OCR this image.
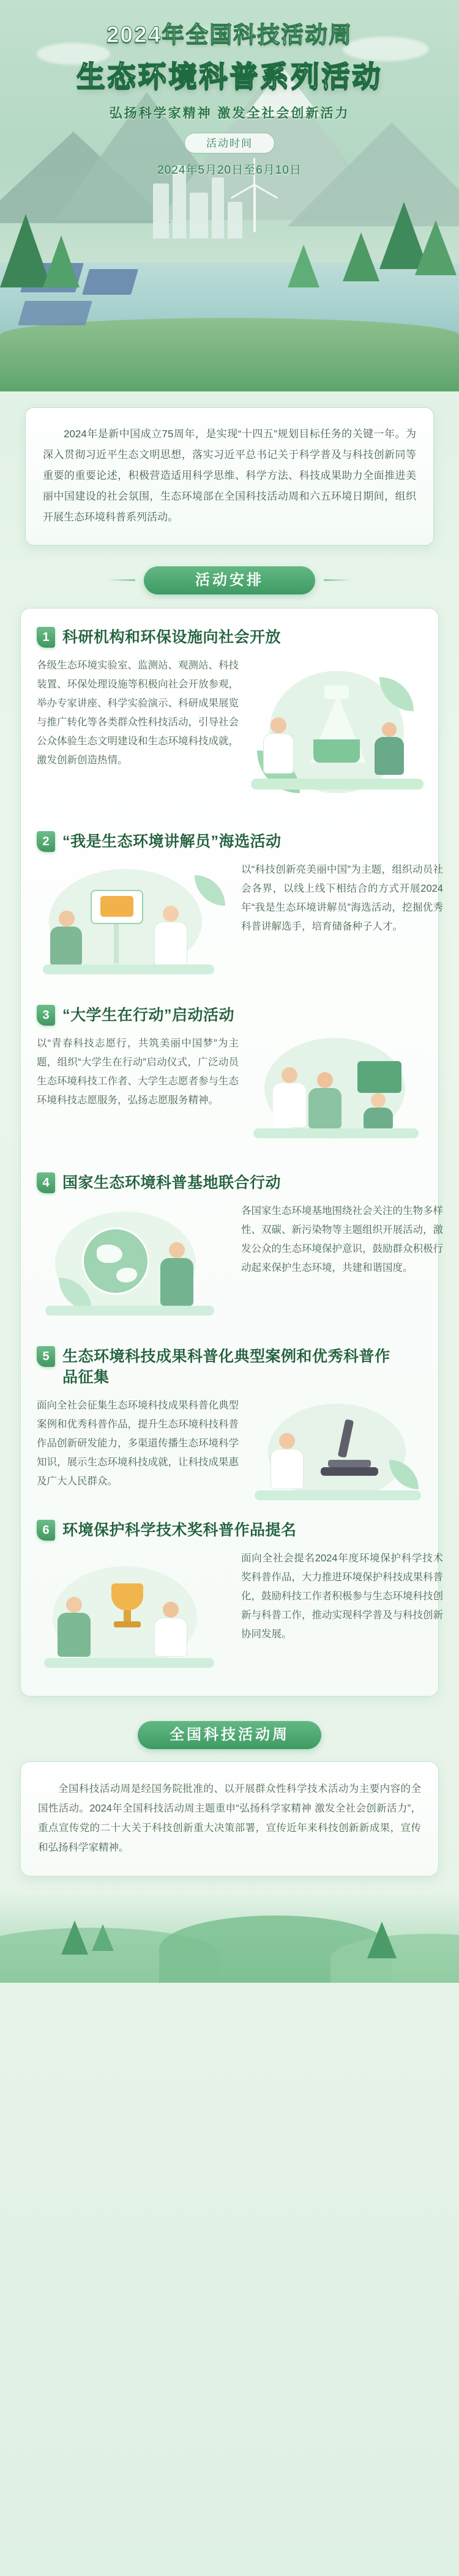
2024年全国科技活动周
生态环境科普系列活动
弘扬科学家精神 激发全社会创新活力
活动时间
2024年5月20日至6月10日

2024年是新中国成立75周年，是实现“十四五”规划目标任务的关键一年。为深入贯彻习近平生态文明思想，落实习近平总书记关于科学普及与科技创新同等重要的重要论述，积极营造适用科学思维、科学方法、科技成果助力全面推进美丽中国建设的社会氛围，生态环境部在全国科技活动周和六五环境日期间，组织开展生态环境科普系列活动。

活动安排
1 科研机构和环保设施向社会开放
各级生态环境实验室、监测站、观测站、科技装置、环保处理设施等积极向社会开放参观，举办专家讲座、科学实验演示、科研成果展览与推广转化等各类群众性科技活动，引导社会公众体验生态文明建设和生态环境科技成就，激发创新创造热情。
2 “我是生态环境讲解员”海选活动
以“科技创新亮美丽中国”为主题，组织动员社会各界，以线上线下相结合的方式开展2024年“我是生态环境讲解员”海选活动，挖掘优秀科普讲解选手，培育储备种子人才。
3 “大学生在行动”启动活动
以“青春科技志愿行，共筑美丽中国梦”为主题，组织“大学生在行动”启动仪式，广泛动员生态环境科技工作者、大学生志愿者参与生态环境科技志愿服务，弘扬志愿服务精神。
4 国家生态环境科普基地联合行动
各国家生态环境基地围绕社会关注的生物多样性、双碳、新污染物等主题组织开展活动，激发公众的生态环境保护意识，鼓励群众积极行动起来保护生态环境，共建和谐国度。
5 生态环境科技成果科普化典型案例和优秀科普作品征集
面向全社会征集生态环境科技成果科普化典型案例和优秀科普作品，提升生态环境科技科普作品创新研发能力，多渠道传播生态环境科学知识，展示生态环境科技成就，让科技成果惠及广大人民群众。
6 环境保护科学技术奖科普作品提名
面向全社会提名2024年度环境保护科学技术奖科普作品，大力推进环境保护科技成果科普化，鼓励科技工作者积极参与生态环境科技创新与科普工作，推动实现科学普及与科技创新协同发展。
全国科技活动周

全国科技活动周是经国务院批准的、以开展群众性科学技术活动为主要内容的全国性活动。2024年全国科技活动周主题重申“弘扬科学家精神 激发全社会创新活力”，重点宣传党的二十大关于科技创新重大决策部署，宣传近年来科技创新新成果，宣传和弘扬科学家精神。
